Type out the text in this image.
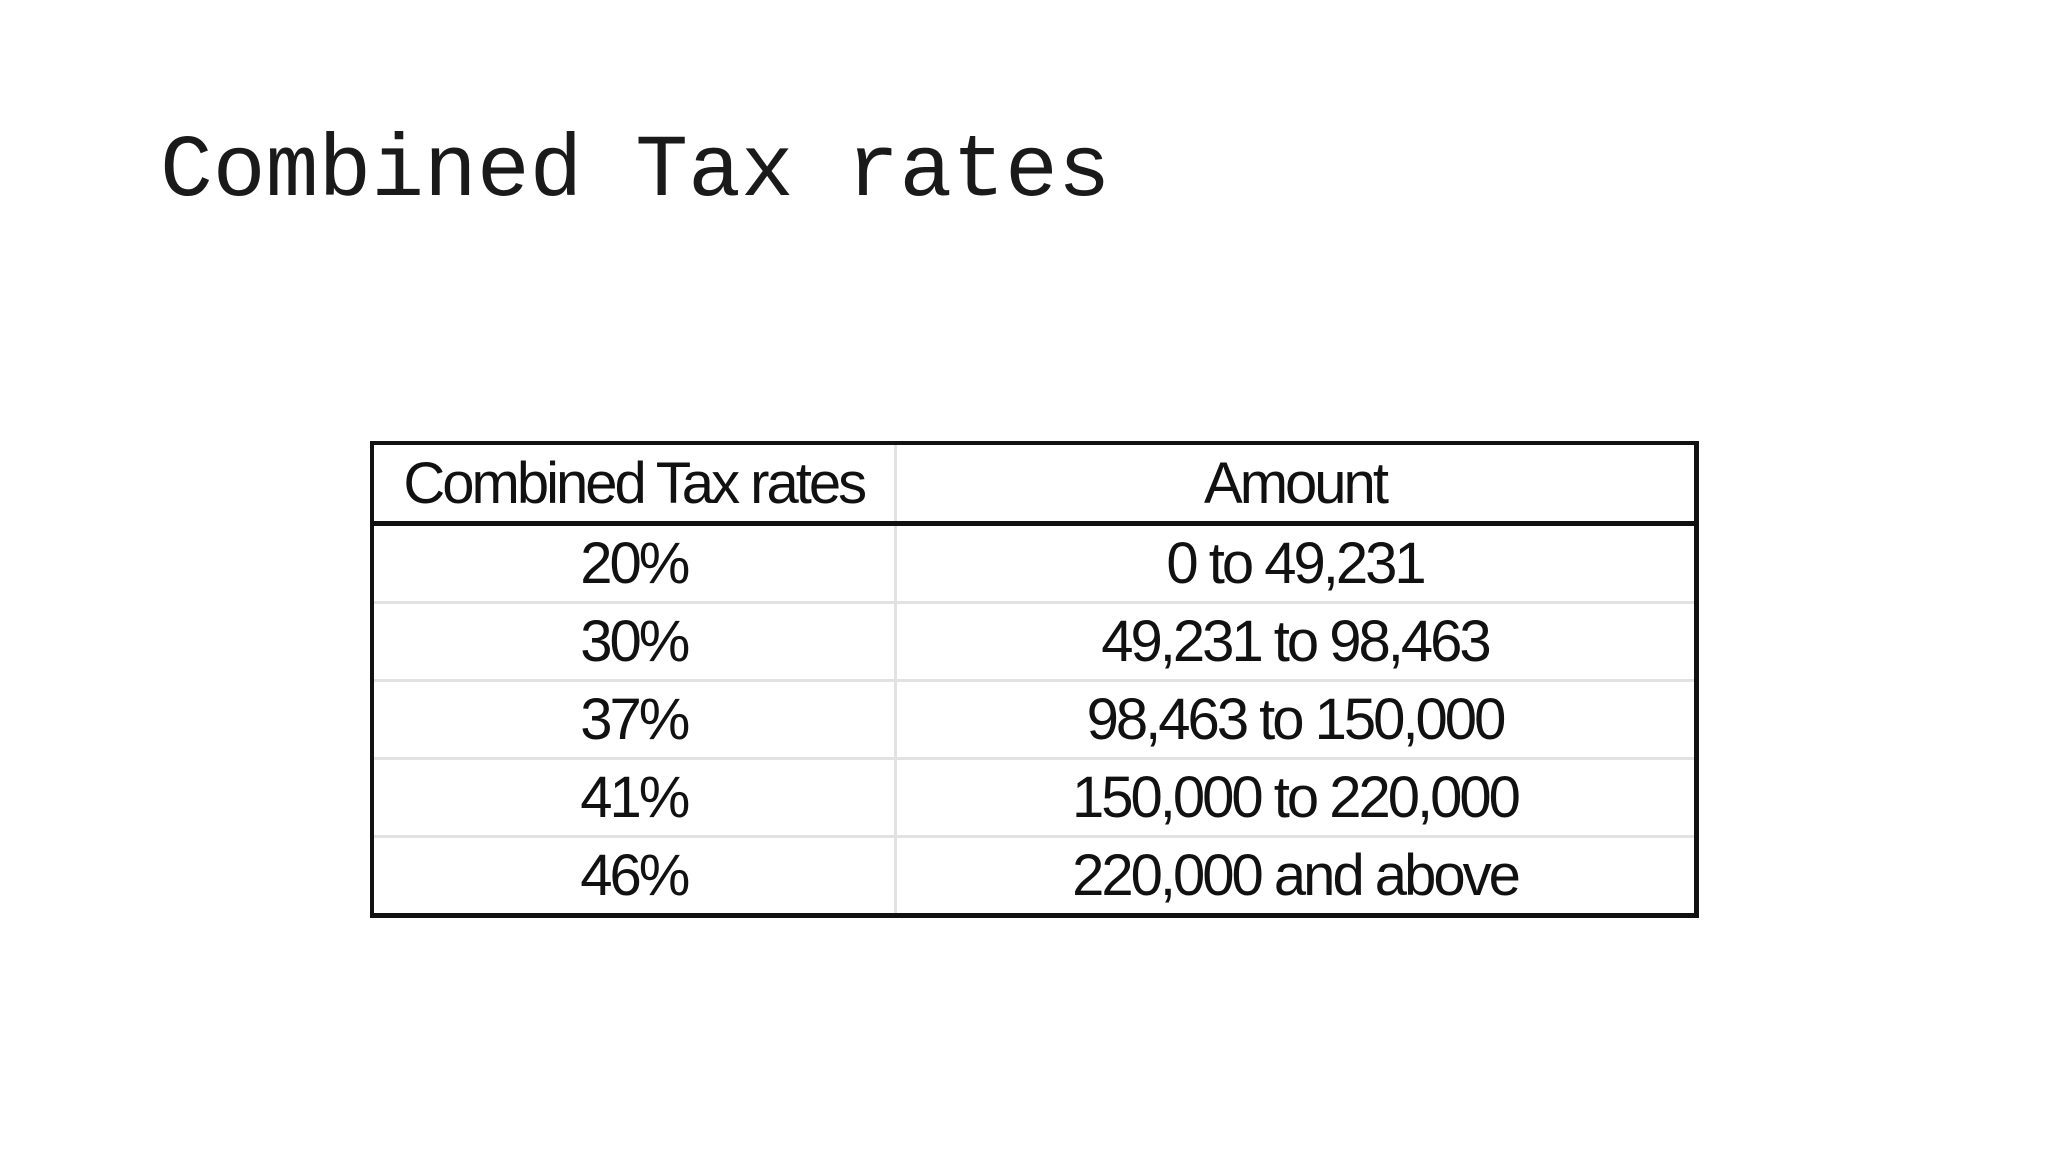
Combined Tax rates
Combined Tax rates	Amount
20%	0 to 49,231
30%	49,231 to 98,463
37%	98,463 to 150,000
41%	150,000 to 220,000
46%	220,000 and above
